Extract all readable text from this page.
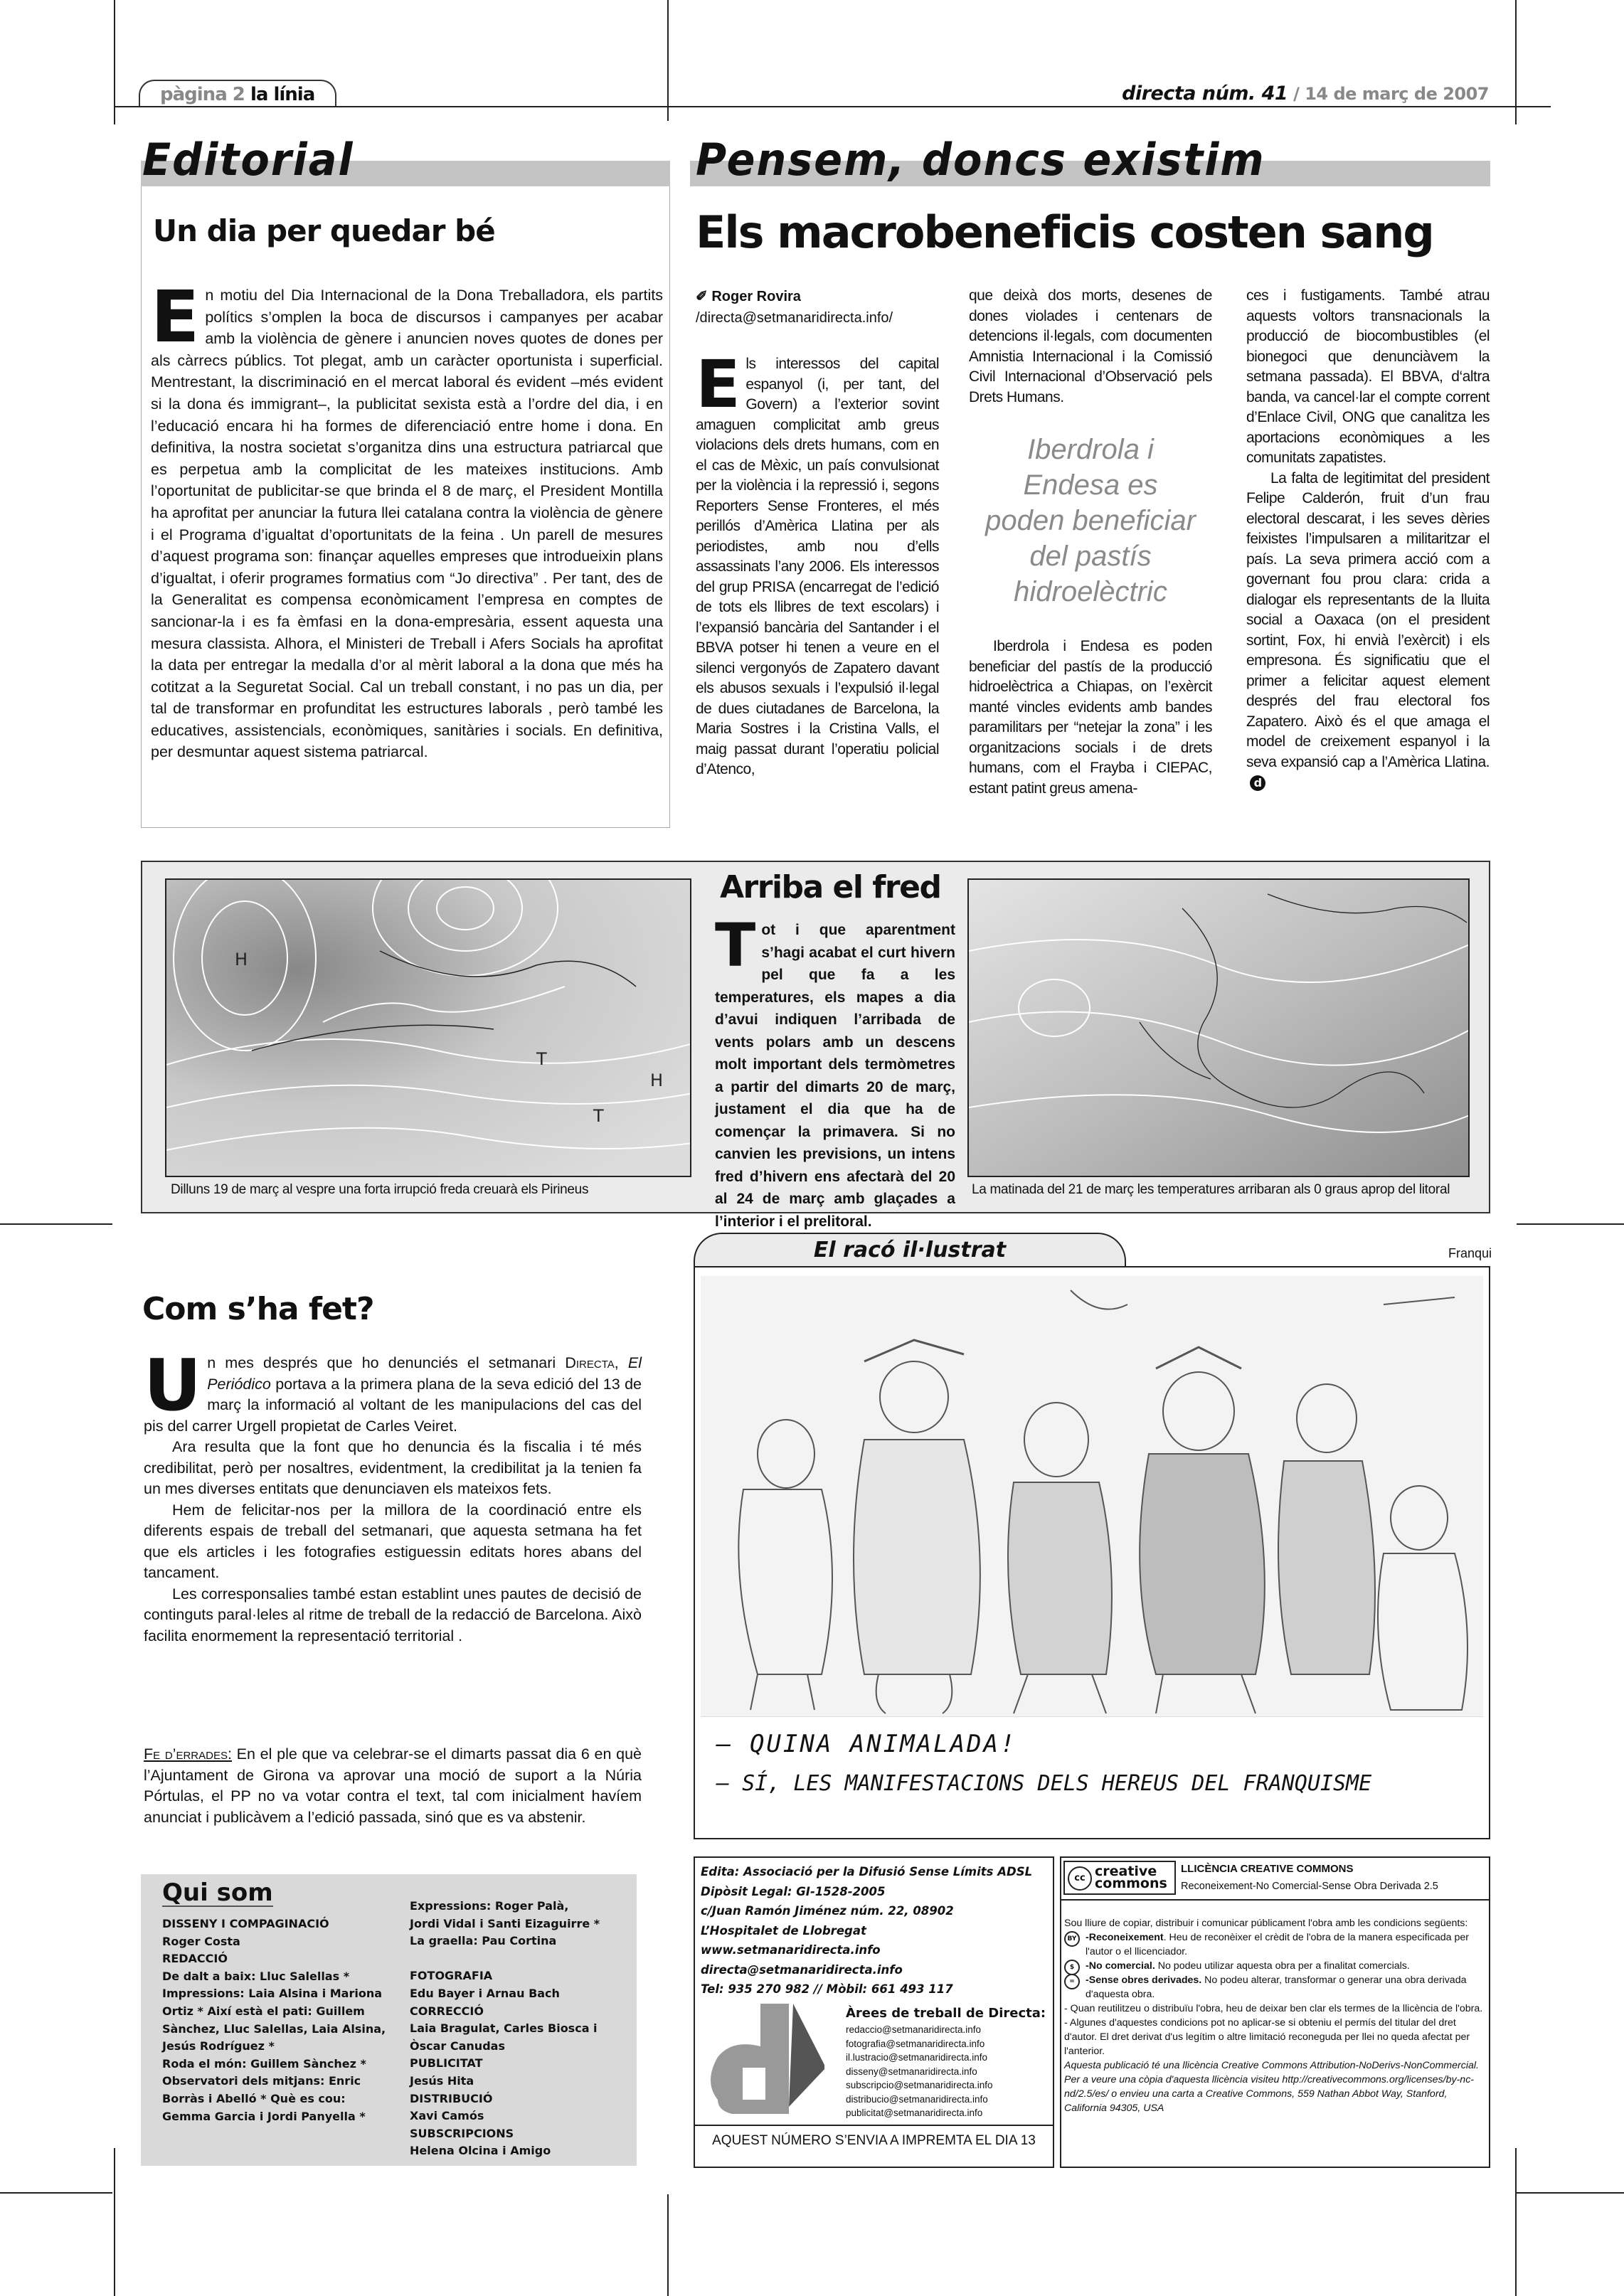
pàgina 2 la línia	directa núm. 41 / 14 de març de 2007
Editorial
Un dia per quedar bé
En motiu del Dia Internacional de la Dona Treballadora, els partits polítics s’omplen la boca de discursos i campanyes per acabar amb la violència de gènere i anuncien noves quotes de dones per als càrrecs públics. Tot plegat, amb un caràcter oportunista i superficial. Mentrestant, la discriminació en el mercat laboral és evident –més evident si la dona és immigrant–, la publicitat sexista està a l’ordre del dia, i en l’educació encara hi ha formes de diferenciació entre home i dona. En definitiva, la nostra societat s’organitza dins una estructura patriarcal que es perpetua amb la complicitat de les mateixes institucions. Amb l’oportunitat de publicitar-se que brinda el 8 de març, el President Montilla ha aprofitat per anunciar la futura llei catalana contra la violència de gènere i el Programa d’igualtat d’oportunitats de la feina . Un parell de mesures d’aquest programa son: finançar aquelles empreses que introdueixin plans d’igualtat, i oferir programes formatius com “Jo directiva” . Per tant, des de la Generalitat es compensa econòmicament l’empresa en comptes de sancionar-la i es fa èmfasi en la dona-empresària, essent aquesta una mesura classista. Alhora, el Ministeri de Treball i Afers Socials ha aprofitat la data per entregar la medalla d’or al mèrit laboral a la dona que més ha cotitzat a la Seguretat Social. Cal un treball constant, i no pas un dia, per tal de transformar en profunditat les estructures laborals , però també les educatives, assistencials, econòmiques, sanitàries i socials. En definitiva, per desmuntar aquest sistema patriarcal.
Pensem, doncs existim
Els macrobeneficis costen sang
✐ Roger Rovira
/directa@setmanaridirecta.info/
Els interessos del capital espanyol (i, per tant, del Govern) a l’exterior sovint amaguen complicitat amb greus violacions dels drets humans, com en el cas de Mèxic, un país convulsionat per la violència i la repressió i, segons Reporters Sense Fronteres, el més perillós d’Amèrica Llatina per als periodistes, amb nou d’ells assassinats l’any 2006. Els interessos del grup PRISA (encarregat de l’edició de tots els llibres de text escolars) i l’expansió bancària del Santander i el BBVA potser hi tenen a veure en el silenci vergonyós de Zapatero davant els abusos sexuals i l’expulsió il·legal de dues ciutadanes de Barcelona, la Maria Sostres i la Cristina Valls, el maig passat durant l’operatiu policial d’Atenco,
que deixà dos morts, desenes de dones violades i centenars de detencions il·legals, com documenten Amnistia Internacional i la Comissió Civil Internacional d’Observació pels Drets Humans.
Iberdrola i Endesa es poden beneficiar del pastís hidroelèctric

Iberdrola i Endesa es poden beneficiar del pastís de la producció hidroelèctrica a Chiapas, on l’exèrcit manté vincles evidents amb bandes paramilitars per “netejar la zona” i les organitzacions socials i de drets humans, com el Frayba i CIEPAC, estant patint greus amena-

ces i fustigaments. També atrau aquests voltors transnacionals la producció de biocombustibles (el bionegoci que denunciàvem la setmana passada). El BBVA, d‘altra banda, va cancel·lar el compte corrent d’Enlace Civil, ONG que canalitza les aportacions econòmiques a les comunitats zapatistes.

La falta de legitimitat del president Felipe Calderón, fruit d’un frau electoral descarat, i les seves dèries feixistes l’impulsaren a militaritzar el país. La seva primera acció com a governant fou prou clara: crida a dialogar els representants de la lluita social a Oaxaca (on el president sortint, Fox, hi envià l’exèrcit) i els empresona. És significatiu que el primer a felicitar aquest element després del frau electoral fos Zapatero. Això és el que amaga el model de creixement espanyol i la seva expansió cap a l’Amèrica Llatina.  d

H
T
H
T
Arriba el fred
Tot i que aparentment s’hagi acabat el curt hivern pel que fa a les temperatures, els mapes a dia d’avui indiquen l’arribada de vents polars amb un descens molt important dels termòmetres a partir del dimarts 20 de març, justament el dia que ha de començar la primavera. Si no canvien les previsions, un intens fred d’hivern ens afectarà del 20 al 24 de març amb glaçades a l’interior i el prelitoral.
Dilluns 19 de març al vespre una forta irrupció freda creuarà els Pirineus	La matinada del 21 de març les temperatures arribaran als 0 graus aprop del litoral
El racó il·lustrat	Franqui
— QUINA ANIMALADA!
— SÍ, LES MANIFESTACIONS DELS HEREUS DEL FRANQUISME
Com s’ha fet?

Un mes després que ho denunciés el setmanari Directa, El Periódico portava a la primera plana de la seva edició del 13 de març la informació al voltant de les manipulacions del cas del pis del carrer Urgell propietat de Carles Veiret.

Ara resulta que la font que ho denuncia és la fiscalia i té més credibilitat, però per nosaltres, evidentment, la credibilitat ja la tenien fa un mes diverses entitats que denunciaven els mateixos fets.

Hem de felicitar-nos per la millora de la coordinació entre els diferents espais de treball del setmanari, que aquesta setmana ha fet que els articles i les fotografies estiguessin editats hores abans del tancament.

Les corresponsalies també estan establint unes pautes de decisió de continguts paral·leles al ritme de treball de la redacció de Barcelona. Això facilita enormement la representació territorial .

Fe d’errades: En el ple que va celebrar-se el dimarts passat dia 6 en què l’Ajuntament de Girona va aprovar una moció de suport a la Núria Pórtulas, el PP no va votar contra el text, tal com inicialment havíem anunciat i publicàvem a l’edició passada, sinó que es va abstenir.
Qui som
DISSENY I COMPAGINACIÓ
Roger Costa
REDACCIÓ
De dalt a baix: Lluc Salellas *
Impressions: Laia Alsina i Mariona
Ortiz * Així està el pati: Guillem
Sànchez, Lluc Salellas, Laia Alsina,
Jesús Rodríguez *
Roda el món: Guillem Sànchez *
Observatori dels mitjans: Enric
Borràs i Abelló * Què es cou:
Gemma Garcia i Jordi Panyella *
Expressions: Roger Palà,
Jordi Vidal i Santi Eizaguirre *
La graella: Pau Cortina

FOTOGRAFIA
Edu Bayer i Arnau Bach
CORRECCIÓ
Laia Bragulat, Carles Biosca i
Òscar Canudas
PUBLICITAT
Jesús Hita
DISTRIBUCIÓ
Xavi Camós
SUBSCRIPCIONS
Helena Olcina i Amigo
Edita: Associació per la Difusió Sense Límits ADSL
Dipòsit Legal: GI-1528-2005
c/Juan Ramón Jiménez núm. 22, 08902
L’Hospitalet de Llobregat
www.setmanaridirecta.info
directa@setmanaridirecta.info
Tel: 935 270 982 // Mòbil: 661 493 117
Àrees de treball de Directa:
redaccio@setmanaridirecta.info
fotografia@setmanaridirecta.info
il.lustracio@setmanaridirecta.info
disseny@setmanaridirecta.info
subscripcio@setmanaridirecta.info
distribucio@setmanaridirecta.info
publicitat@setmanaridirecta.info
AQUEST NÚMERO S’ENVIA A IMPREMTA EL DIA 13
cc creative
commons
LLICÈNCIA CREATIVE COMMONS
Reconeixement-No Comercial-Sense Obra Derivada 2.5
Sou lliure de copiar, distribuir i comunicar públicament l'obra amb les condicions següents:
BY -Reconeixement. Heu de reconèixer el crèdit de l'obra de la manera especificada per l'autor o el llicenciador.
$	-No comercial. No podeu utilizar aquesta obra per a finalitat comercials.
=	-Sense obres derivades. No podeu alterar, transformar o generar una obra derivada d'aquesta obra.
- Quan reutilitzeu o distribuïu l'obra, heu de deixar ben clar els termes de la llicència de l'obra.
- Algunes d'aquestes condicions pot no aplicar-se si obteniu el permís del titular del dret d'autor. El dret derivat d'us legítim o altre limitació reconeguda per llei no queda afectat per l'anterior.
Aquesta publicació té una llicència Creative Commons Attribution-NoDerivs-NonCommercial. Per a veure una còpia d'aquesta llicència visiteu http://creativecommons.org/licenses/by-nc-nd/2.5/es/ o envieu una carta a Creative Commons, 559 Nathan Abbot Way, Stanford, California 94305, USA
